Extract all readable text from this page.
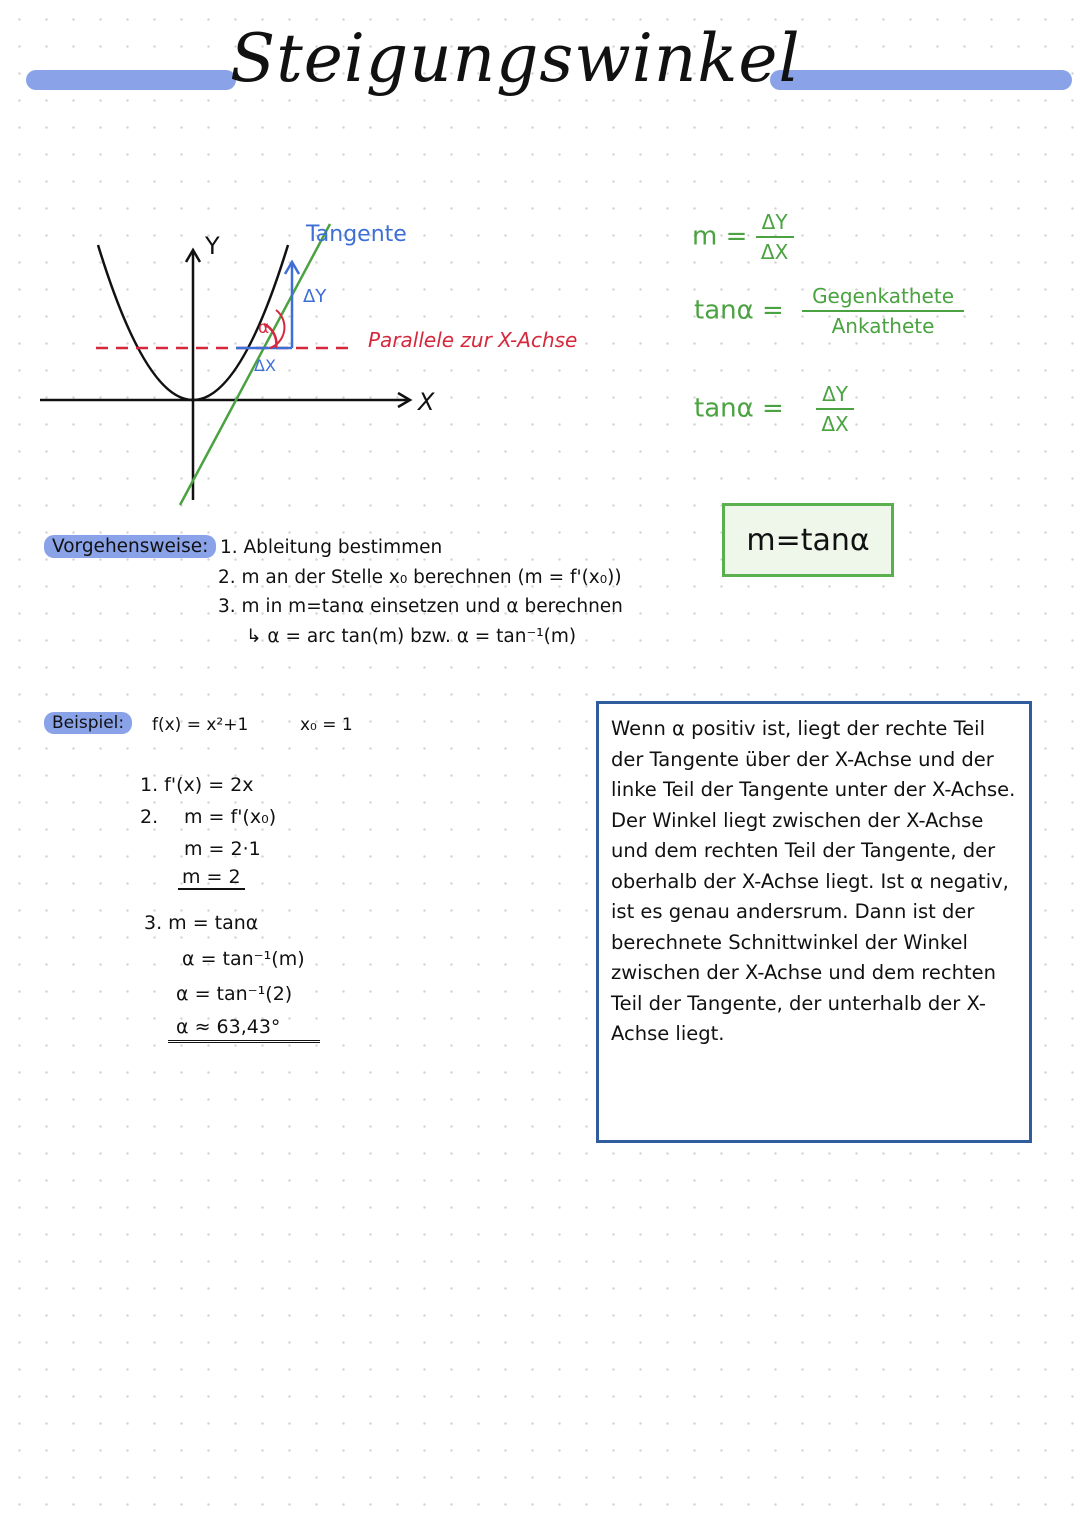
Steigungswinkel
Y
X
Tangente
ΔY
ΔX
α	Parallele zur X-Achse
$m = \frac{\Delta Y}{\Delta X}$
$\tan\alpha = \frac{\text{Gegenkathete}}{\text{Ankathete}}$
$\tan\alpha = \frac{\Delta Y}{\Delta X}$
m=tanα
Vorgehensweise: 1. Ableitung bestimmen
2. m an der Stelle x₀ berechnen (m = f'(x₀))
3. m in m=tanα einsetzen und α berechnen
↳ α = arc tan(m) bzw. α = tan⁻¹(m)
Beispiel:	f(x) = x²+1	x₀ = 1
1. f'(x) = 2x
2. m = f'(x₀)
m = 2·1
m = 2
3. m = tanα
α = tan⁻¹(m)
α = tan⁻¹(2)
α ≈ 63,43°
Wenn α positiv ist, liegt der rechte Teil der Tangente über der X-Achse und der linke Teil der Tangente unter der X-Achse. Der Winkel liegt zwischen der X-Achse und dem rechten Teil der Tangente, der oberhalb der X-Achse liegt. Ist α negativ, ist es genau andersrum. Dann ist der berechnete Schnittwinkel der Winkel zwischen der X-Achse und dem rechten Teil der Tangente, der unterhalb der X-Achse liegt.
